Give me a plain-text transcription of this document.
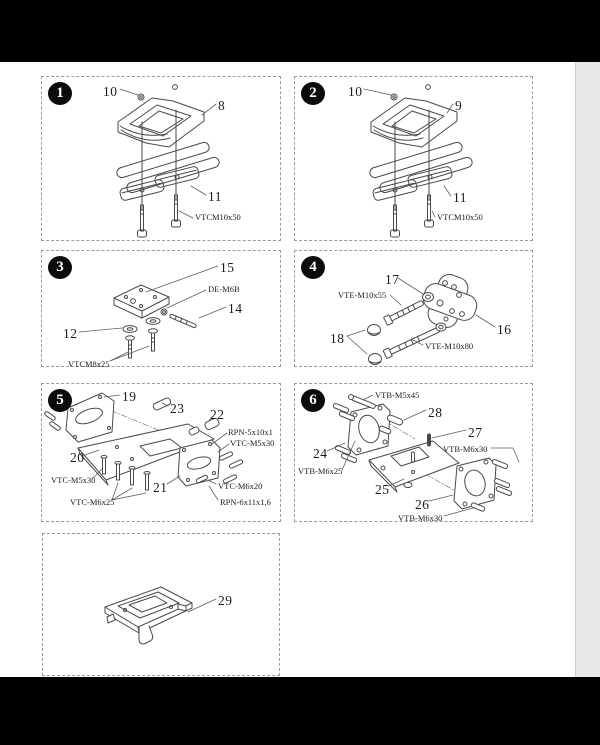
1	10
8
11
VTCM10x50
2	10
9
11
VTCM10x50
3	15
DE-M6B
14
12
VTCM8x25
4
17
VTE-M10x55
16
18	VTE-M10x80
5	19
23 22
RPN-5x10x1
VTC-M5x30
20
VTC-M5x30	21	VTC-M6x20
VTC-M6x25	RPN-6x11x1,6
6	VTB-M5x45
28
27
VTB-M6x30
24
VTB-M6x25
25
26
VTB-M6x30
29
